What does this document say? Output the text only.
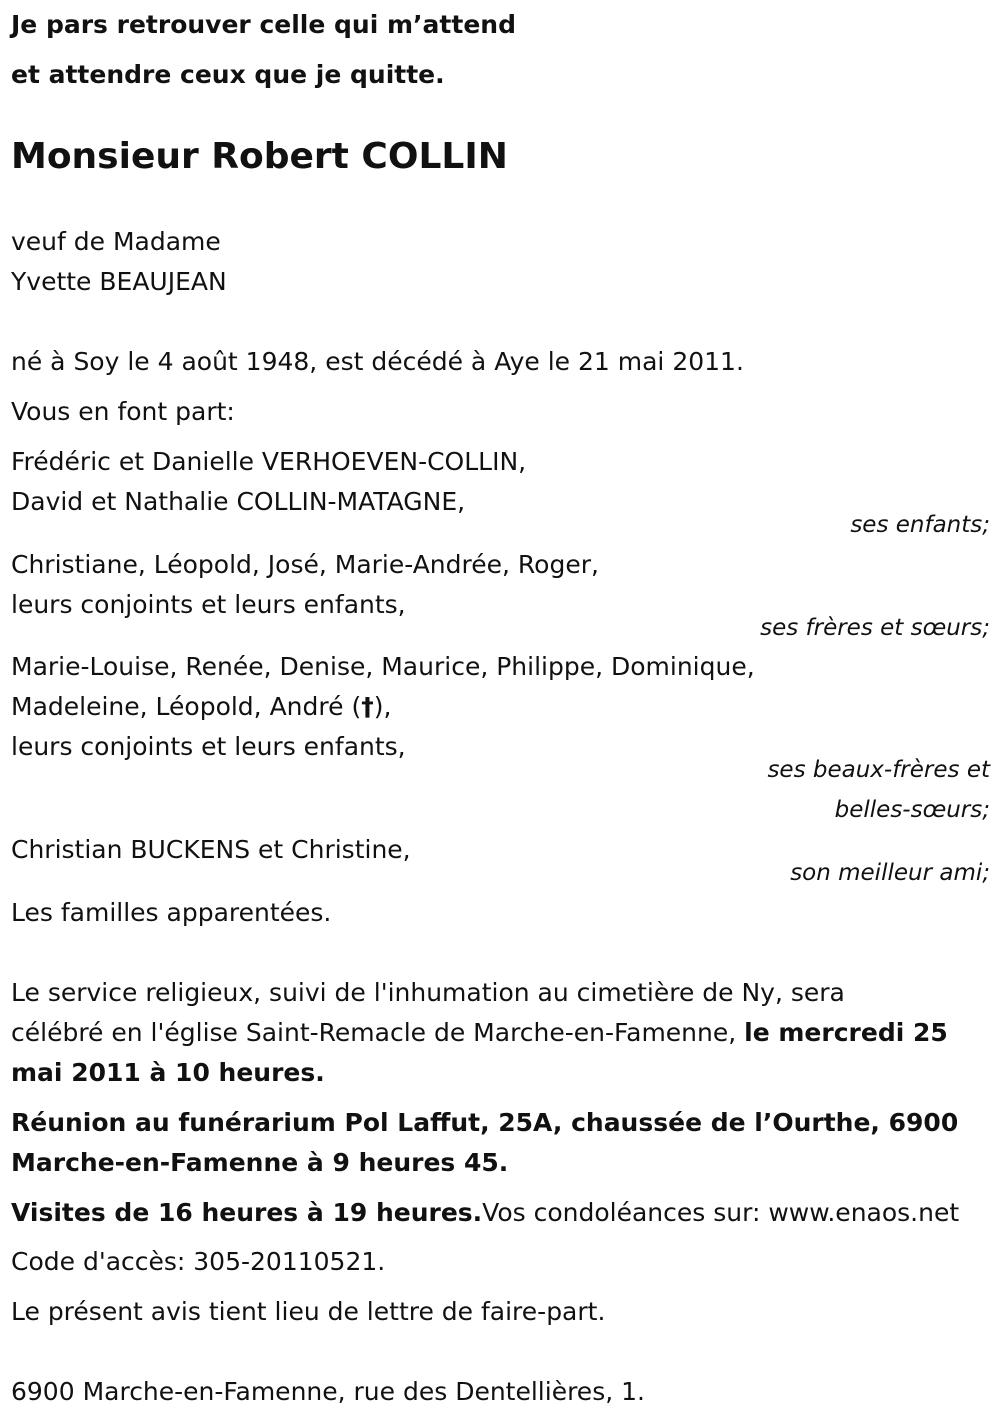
Je pars retrouver celle qui m’attend
et attendre ceux que je quitte.
Monsieur Robert COLLIN
veuf de Madame
Yvette BEAUJEAN
né à Soy le 4 août 1948, est décédé à Aye le 21 mai 2011.
Vous en font part:
Frédéric et Danielle VERHOEVEN-COLLIN,
David et Nathalie COLLIN-MATAGNE,
ses enfants;
Christiane, Léopold, José, Marie-Andrée, Roger,
leurs conjoints et leurs enfants,
ses frères et sœurs;
Marie-Louise, Renée, Denise, Maurice, Philippe, Dominique,
Madeleine, Léopold, André (†),
leurs conjoints et leurs enfants,
ses beaux-frères et
belles-sœurs;
Christian BUCKENS et Christine,
son meilleur ami;
Les familles apparentées.
Le service religieux, suivi de l'inhumation au cimetière de Ny, sera
célébré en l'église Saint-Remacle de Marche-en-Famenne, le mercredi 25
mai 2011 à 10 heures.
Réunion au funérarium Pol Laffut, 25A, chaussée de l’Ourthe, 6900
Marche-en-Famenne à 9 heures 45.
Visites de 16 heures à 19 heures.Vos condoléances sur: www.enaos.net
Code d'accès: 305-20110521.
Le présent avis tient lieu de lettre de faire-part.
6900 Marche-en-Famenne, rue des Dentellières, 1.
